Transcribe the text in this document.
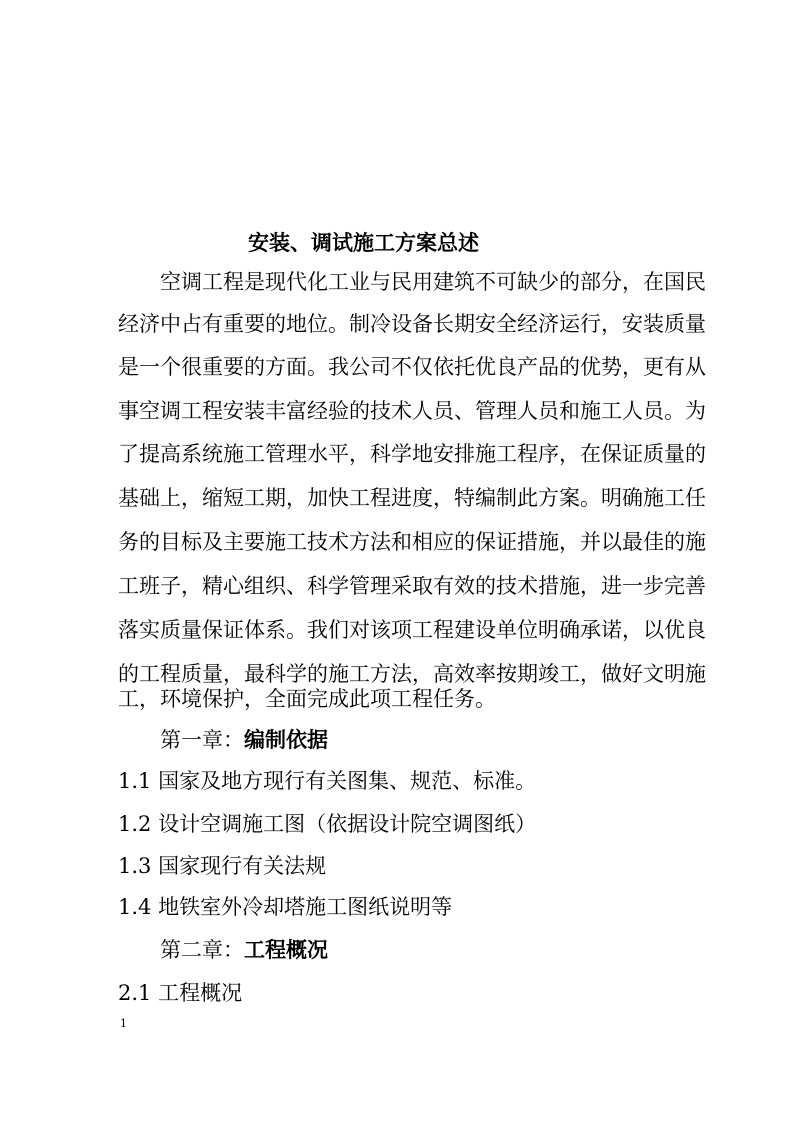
安装、调试施工方案总述
空调工程是现代化工业与民用建筑不可缺少的部分，在国民
经济中占有重要的地位。制冷设备长期安全经济运行，安装质量
是一个很重要的方面。我公司不仅依托优良产品的优势，更有从
事空调工程安装丰富经验的技术人员、管理人员和施工人员。为
了提高系统施工管理水平，科学地安排施工程序，在保证质量的
基础上，缩短工期，加快工程进度，特编制此方案。明确施工任
务的目标及主要施工技术方法和相应的保证措施，并以最佳的施
工班子，精心组织、科学管理采取有效的技术措施，进一步完善
落实质量保证体系。我们对该项工程建设单位明确承诺，以优良
的工程质量，最科学的施工方法，高效率按期竣工，做好文明施
工，环境保护，全面完成此项工程任务。
第一章：编制依据
1.1 国家及地方现行有关图集、规范、标准。
1.2 设计空调施工图（依据设计院空调图纸）
1.3 国家现行有关法规
1.4 地铁室外冷却塔施工图纸说明等
第二章：工程概况
2.1 工程概况
1
